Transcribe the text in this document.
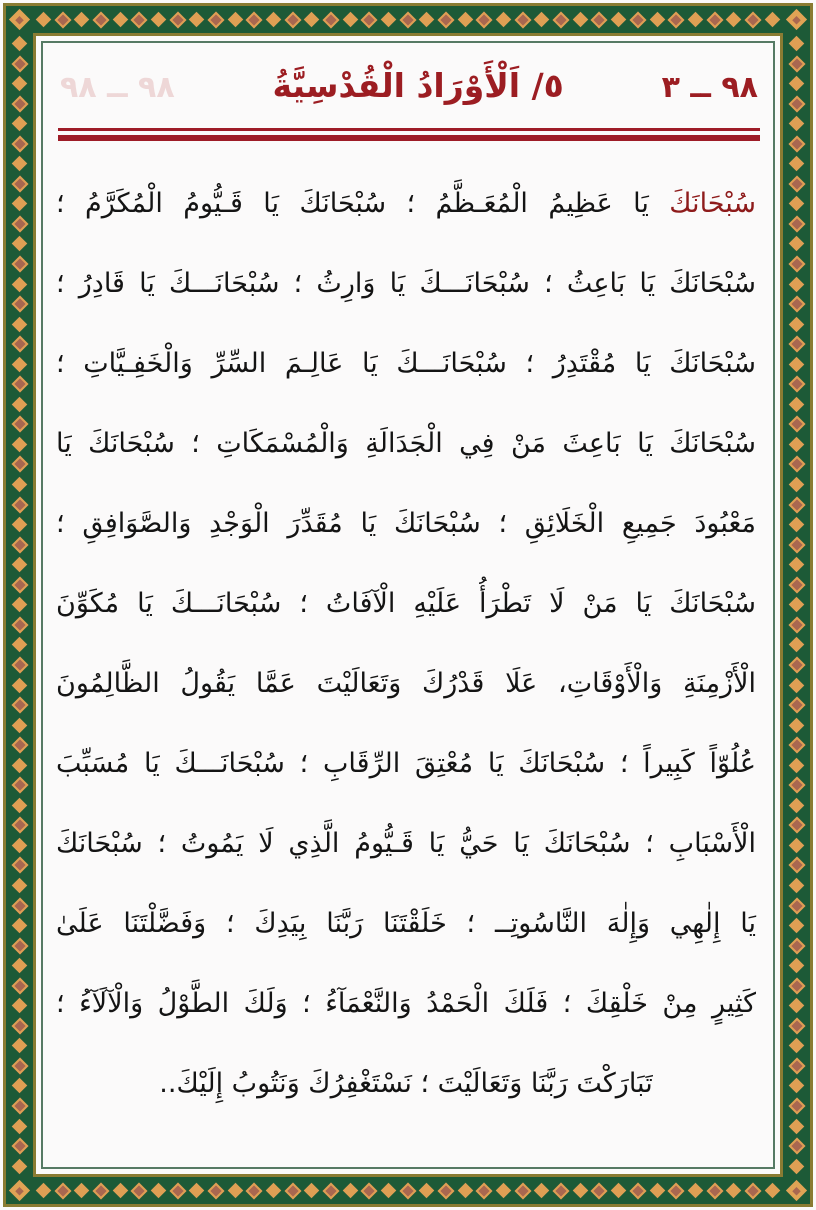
٩٨ ــ ٣
٥/ اَلْأَوْرَادُ الْقُدْسِيَّةُ
٩٨ ــ ٩٨
سُبْحَانَكَ يَا عَظِيمُ الْمُعَـظَّمُ ؛ سُبْحَانَكَ يَا قَـيُّومُ الْمُكَرَّمُ ؛
سُبْحَانَكَ يَا بَاعِثُ ؛ سُبْحَانَـــكَ يَا وَارِثُ ؛ سُبْحَانَـــكَ يَا قَادِرُ ؛
سُبْحَانَكَ يَا مُقْتَدِرُ ؛ سُبْحَانَـــكَ يَا عَالِـمَ السِّرِّ وَالْخَفِـيَّاتِ ؛
سُبْحَانَكَ يَا بَاعِثَ مَنْ فِي الْجَدَالَةِ وَالْمُسْمَكَاتِ ؛ سُبْحَانَكَ يَا
مَعْبُودَ جَمِيعِ الْخَلَائِقِ ؛ سُبْحَانَكَ يَا مُقَدِّرَ الْوَجْدِ وَالصَّوَافِقِ ؛
سُبْحَانَكَ يَا مَنْ لَا تَطْرَأُ عَلَيْهِ الْآفَاتُ ؛ سُبْحَانَـــكَ يَا مُكَوِّنَ
الْأَزْمِنَةِ وَالْأَوْقَاتِ، عَلَا قَدْرُكَ وَتَعَالَيْتَ عَمَّا يَقُولُ الظَّالِمُونَ
عُلُوّاً كَبِيراً ؛ سُبْحَانَكَ يَا مُعْتِقَ الرِّقَابِ ؛ سُبْحَانَـــكَ يَا مُسَبِّبَ
الْأَسْبَابِ ؛ سُبْحَانَكَ يَا حَيُّ يَا قَـيُّومُ الَّذِي لَا يَمُوتُ ؛ سُبْحَانَكَ
يَا إِلٰهِي وَإِلٰهَ النَّاسُوتِــ ؛ خَلَقْتَنَا رَبَّنَا بِيَدِكَ ؛ وَفَضَّلْتَنَا عَلَىٰ
كَثِيرٍ مِنْ خَلْقِكَ ؛ فَلَكَ الْحَمْدُ وَالنَّعْمَآءُ ؛ وَلَكَ الطَّوْلُ وَالْآلَآءُ ؛
تَبَارَكْتَ رَبَّنَا وَتَعَالَيْتَ ؛ نَسْتَغْفِرُكَ وَنَتُوبُ إِلَيْكَ..
